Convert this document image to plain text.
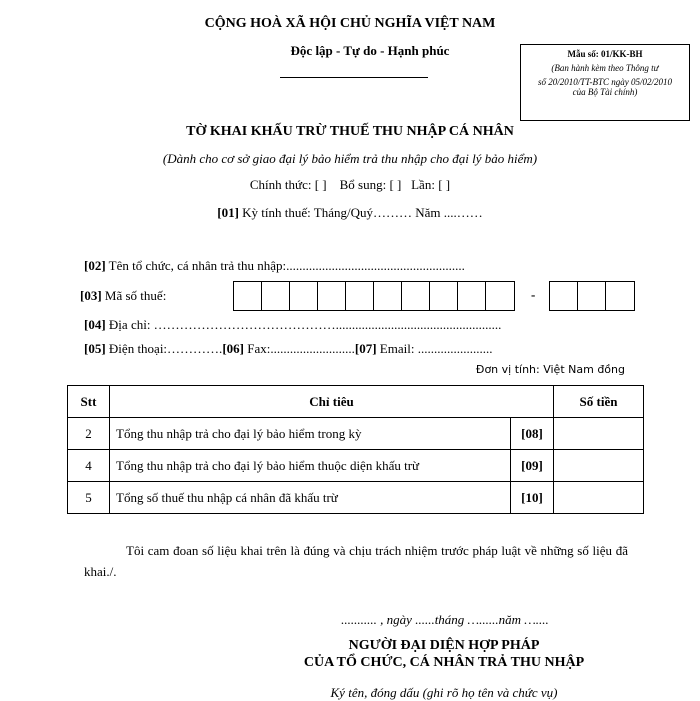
CỘNG HOÀ XÃ HỘI CHỦ NGHĨA VIỆT NAM
Độc lập - Tự do - Hạnh phúc	Mẫu số: 01/KK-BH
(Ban hành kèm theo Thông tư
số 20/2010/TT-BTC ngày 05/02/2010
của Bộ Tài chính)
TỜ KHAI KHẤU TRỪ THUẾ THU NHẬP CÁ NHÂN
(Dành cho cơ sở giao đại lý bảo hiểm trả thu nhập cho đại lý bảo hiểm)
Chính thức: [ ]    Bổ sung: [ ]   Lần: [ ]
[01] Kỳ tính thuế: Tháng/Quý……… Năm ....……
[02] Tên tổ chức, cá nhân trả thu nhập:.......................................................
[03] Mã số thuế:	-
[04] Địa chỉ: ……………………………………...................................................
[05] Điện thoại:………….[06] Fax:..........................[07] Email: .......................
Đơn vị tính: Việt Nam đồng
Stt	Chỉ tiêu		Số tiền
2	Tổng thu nhập trả cho đại lý bảo hiểm trong kỳ	[08]	
4	Tổng thu nhập trả cho đại lý bảo hiểm thuộc diện khấu trừ	[09]	
5	Tổng số thuế thu nhập cá nhân đã khấu trừ	[10]	
Tôi cam đoan số liệu khai trên là đúng và chịu trách nhiệm trước pháp luật về những số liệu đã khai./.
........... , ngày ......tháng …......năm …....
NGƯỜI ĐẠI DIỆN HỢP PHÁP
CỦA TỔ CHỨC, CÁ NHÂN TRẢ THU NHẬP
Ký tên, đóng dấu (ghi rõ họ tên và chức vụ)
